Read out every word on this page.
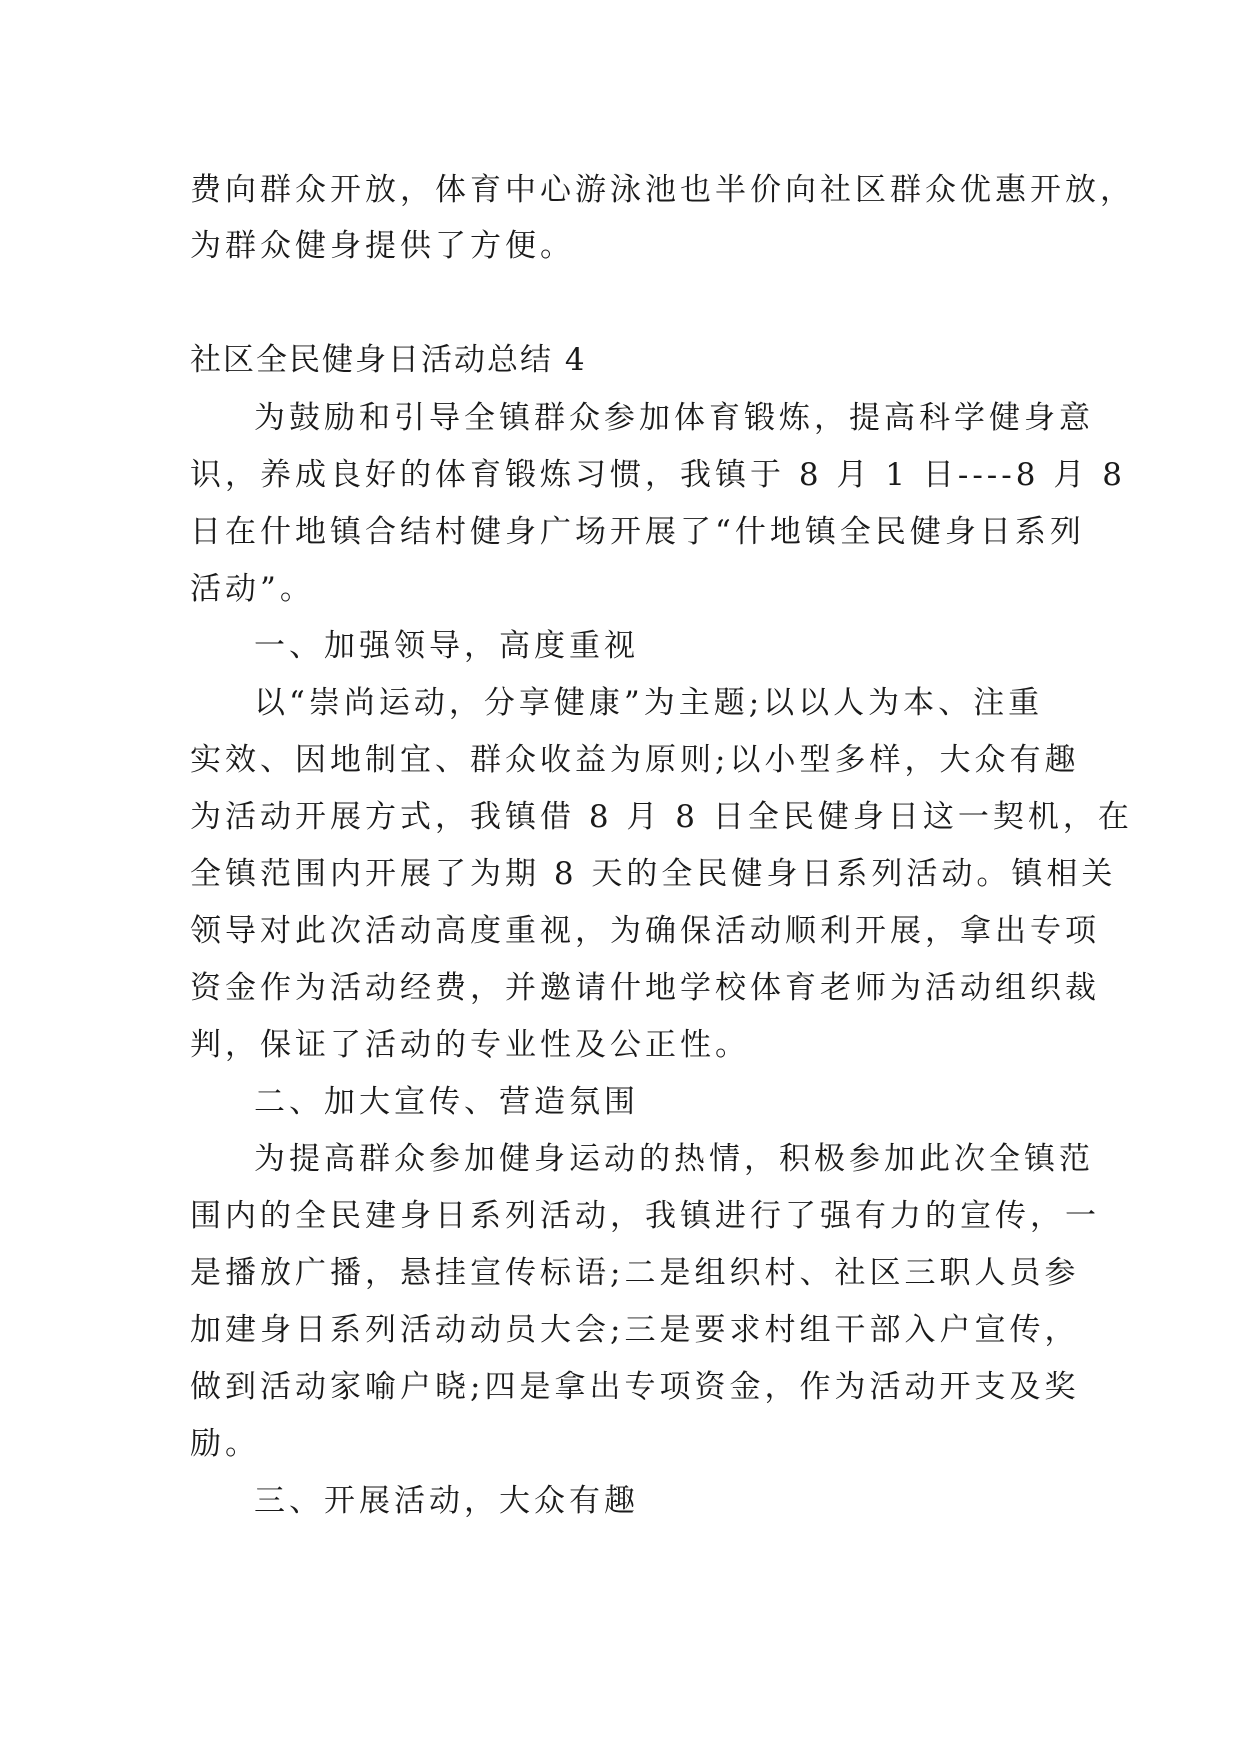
费向群众开放，体育中心游泳池也半价向社区群众优惠开放，

为群众健身提供了方便。

社区全民健身日活动总结 4

为鼓励和引导全镇群众参加体育锻炼，提高科学健身意

识，养成良好的体育锻炼习惯，我镇于 8 月 1 日----8 月 8

日在什地镇合结村健身广场开展了“什地镇全民健身日系列

活动”。

一、加强领导，高度重视

以“崇尚运动，分享健康”为主题;以以人为本、注重

实效、因地制宜、群众收益为原则;以小型多样，大众有趣

为活动开展方式，我镇借 8 月 8 日全民健身日这一契机，在

全镇范围内开展了为期 8 天的全民健身日系列活动。镇相关

领导对此次活动高度重视，为确保活动顺利开展，拿出专项

资金作为活动经费，并邀请什地学校体育老师为活动组织裁

判，保证了活动的专业性及公正性。

二、加大宣传、营造氛围

为提高群众参加健身运动的热情，积极参加此次全镇范

围内的全民建身日系列活动，我镇进行了强有力的宣传，一

是播放广播，悬挂宣传标语;二是组织村、社区三职人员参

加建身日系列活动动员大会;三是要求村组干部入户宣传，

做到活动家喻户晓;四是拿出专项资金，作为活动开支及奖

励。

三、开展活动，大众有趣
